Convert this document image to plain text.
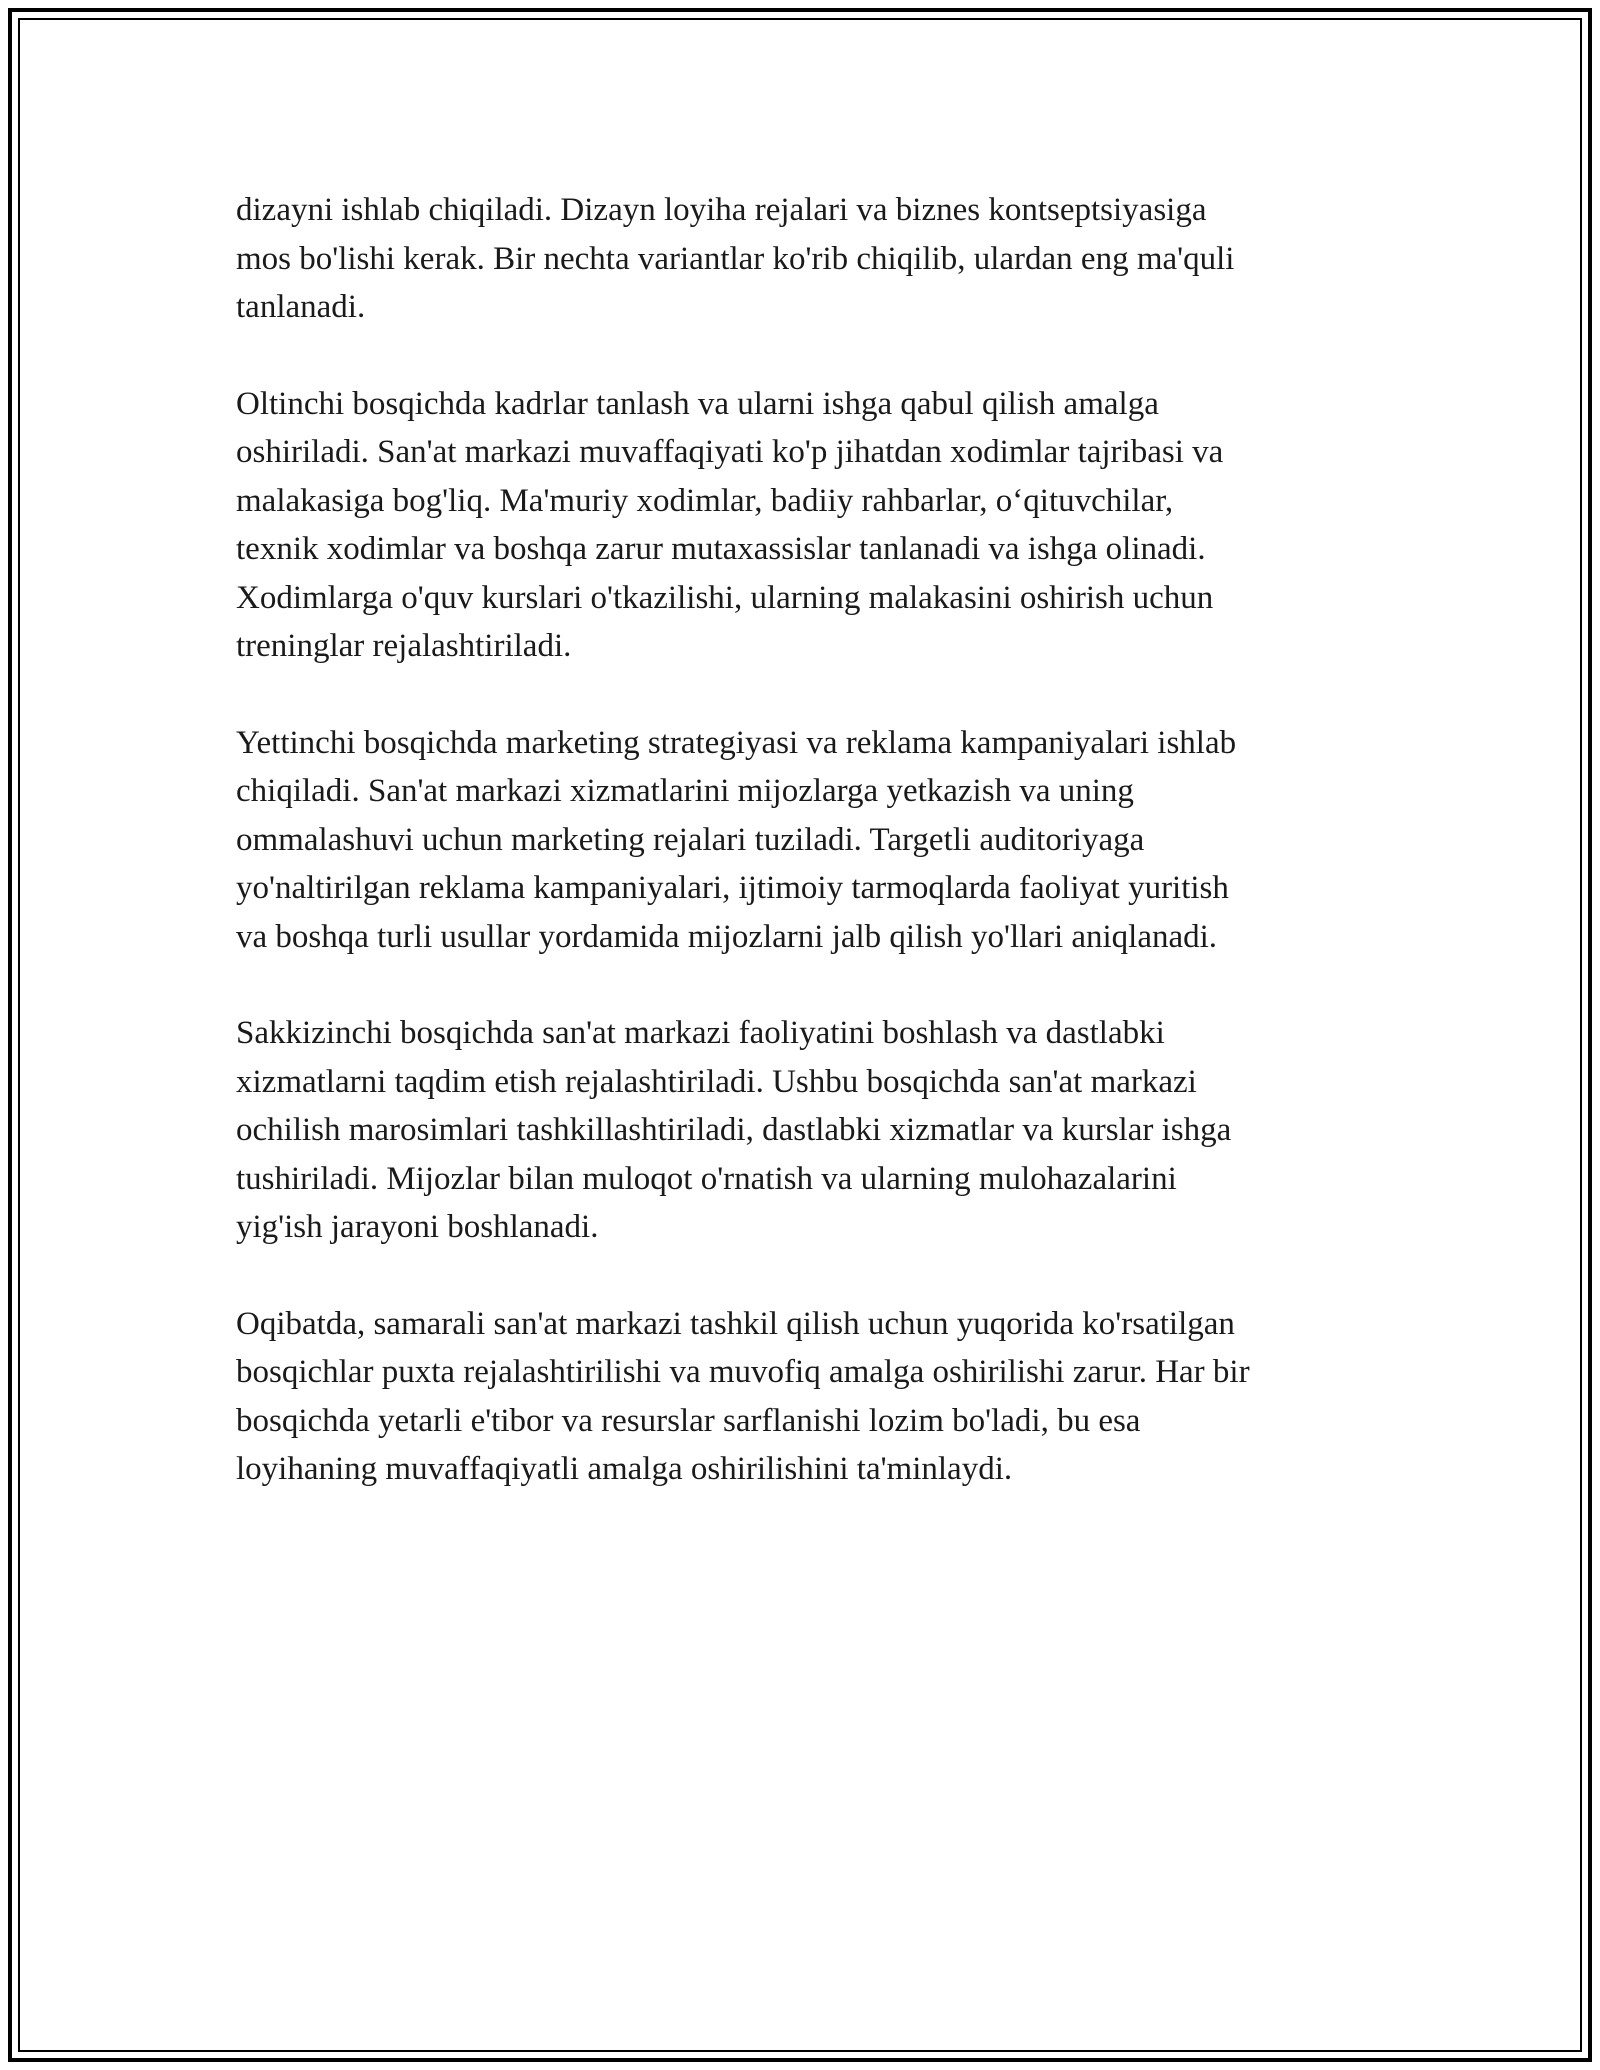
dizayni ishlab chiqiladi. Dizayn loyiha rejalari va biznes kontseptsiyasiga
mos bo'lishi kerak. Bir nechta variantlar ko'rib chiqilib, ulardan eng ma'quli
tanlanadi.

Oltinchi bosqichda kadrlar tanlash va ularni ishga qabul qilish amalga
oshiriladi. San'at markazi muvaffaqiyati ko'p jihatdan xodimlar tajribasi va
malakasiga bog'liq. Ma'muriy xodimlar, badiiy rahbarlar, o‘qituvchilar,
texnik xodimlar va boshqa zarur mutaxassislar tanlanadi va ishga olinadi.
Xodimlarga o'quv kurslari o'tkazilishi, ularning malakasini oshirish uchun
treninglar rejalashtiriladi.

Yettinchi bosqichda marketing strategiyasi va reklama kampaniyalari ishlab
chiqiladi. San'at markazi xizmatlarini mijozlarga yetkazish va uning
ommalashuvi uchun marketing rejalari tuziladi. Targetli auditoriyaga
yo'naltirilgan reklama kampaniyalari, ijtimoiy tarmoqlarda faoliyat yuritish
va boshqa turli usullar yordamida mijozlarni jalb qilish yo'llari aniqlanadi.

Sakkizinchi bosqichda san'at markazi faoliyatini boshlash va dastlabki
xizmatlarni taqdim etish rejalashtiriladi. Ushbu bosqichda san'at markazi
ochilish marosimlari tashkillashtiriladi, dastlabki xizmatlar va kurslar ishga
tushiriladi. Mijozlar bilan muloqot o'rnatish va ularning mulohazalarini
yig'ish jarayoni boshlanadi.

Oqibatda, samarali san'at markazi tashkil qilish uchun yuqorida ko'rsatilgan
bosqichlar puxta rejalashtirilishi va muvofiq amalga oshirilishi zarur. Har bir
bosqichda yetarli e'tibor va resurslar sarflanishi lozim bo'ladi, bu esa
loyihaning muvaffaqiyatli amalga oshirilishini ta'minlaydi.
